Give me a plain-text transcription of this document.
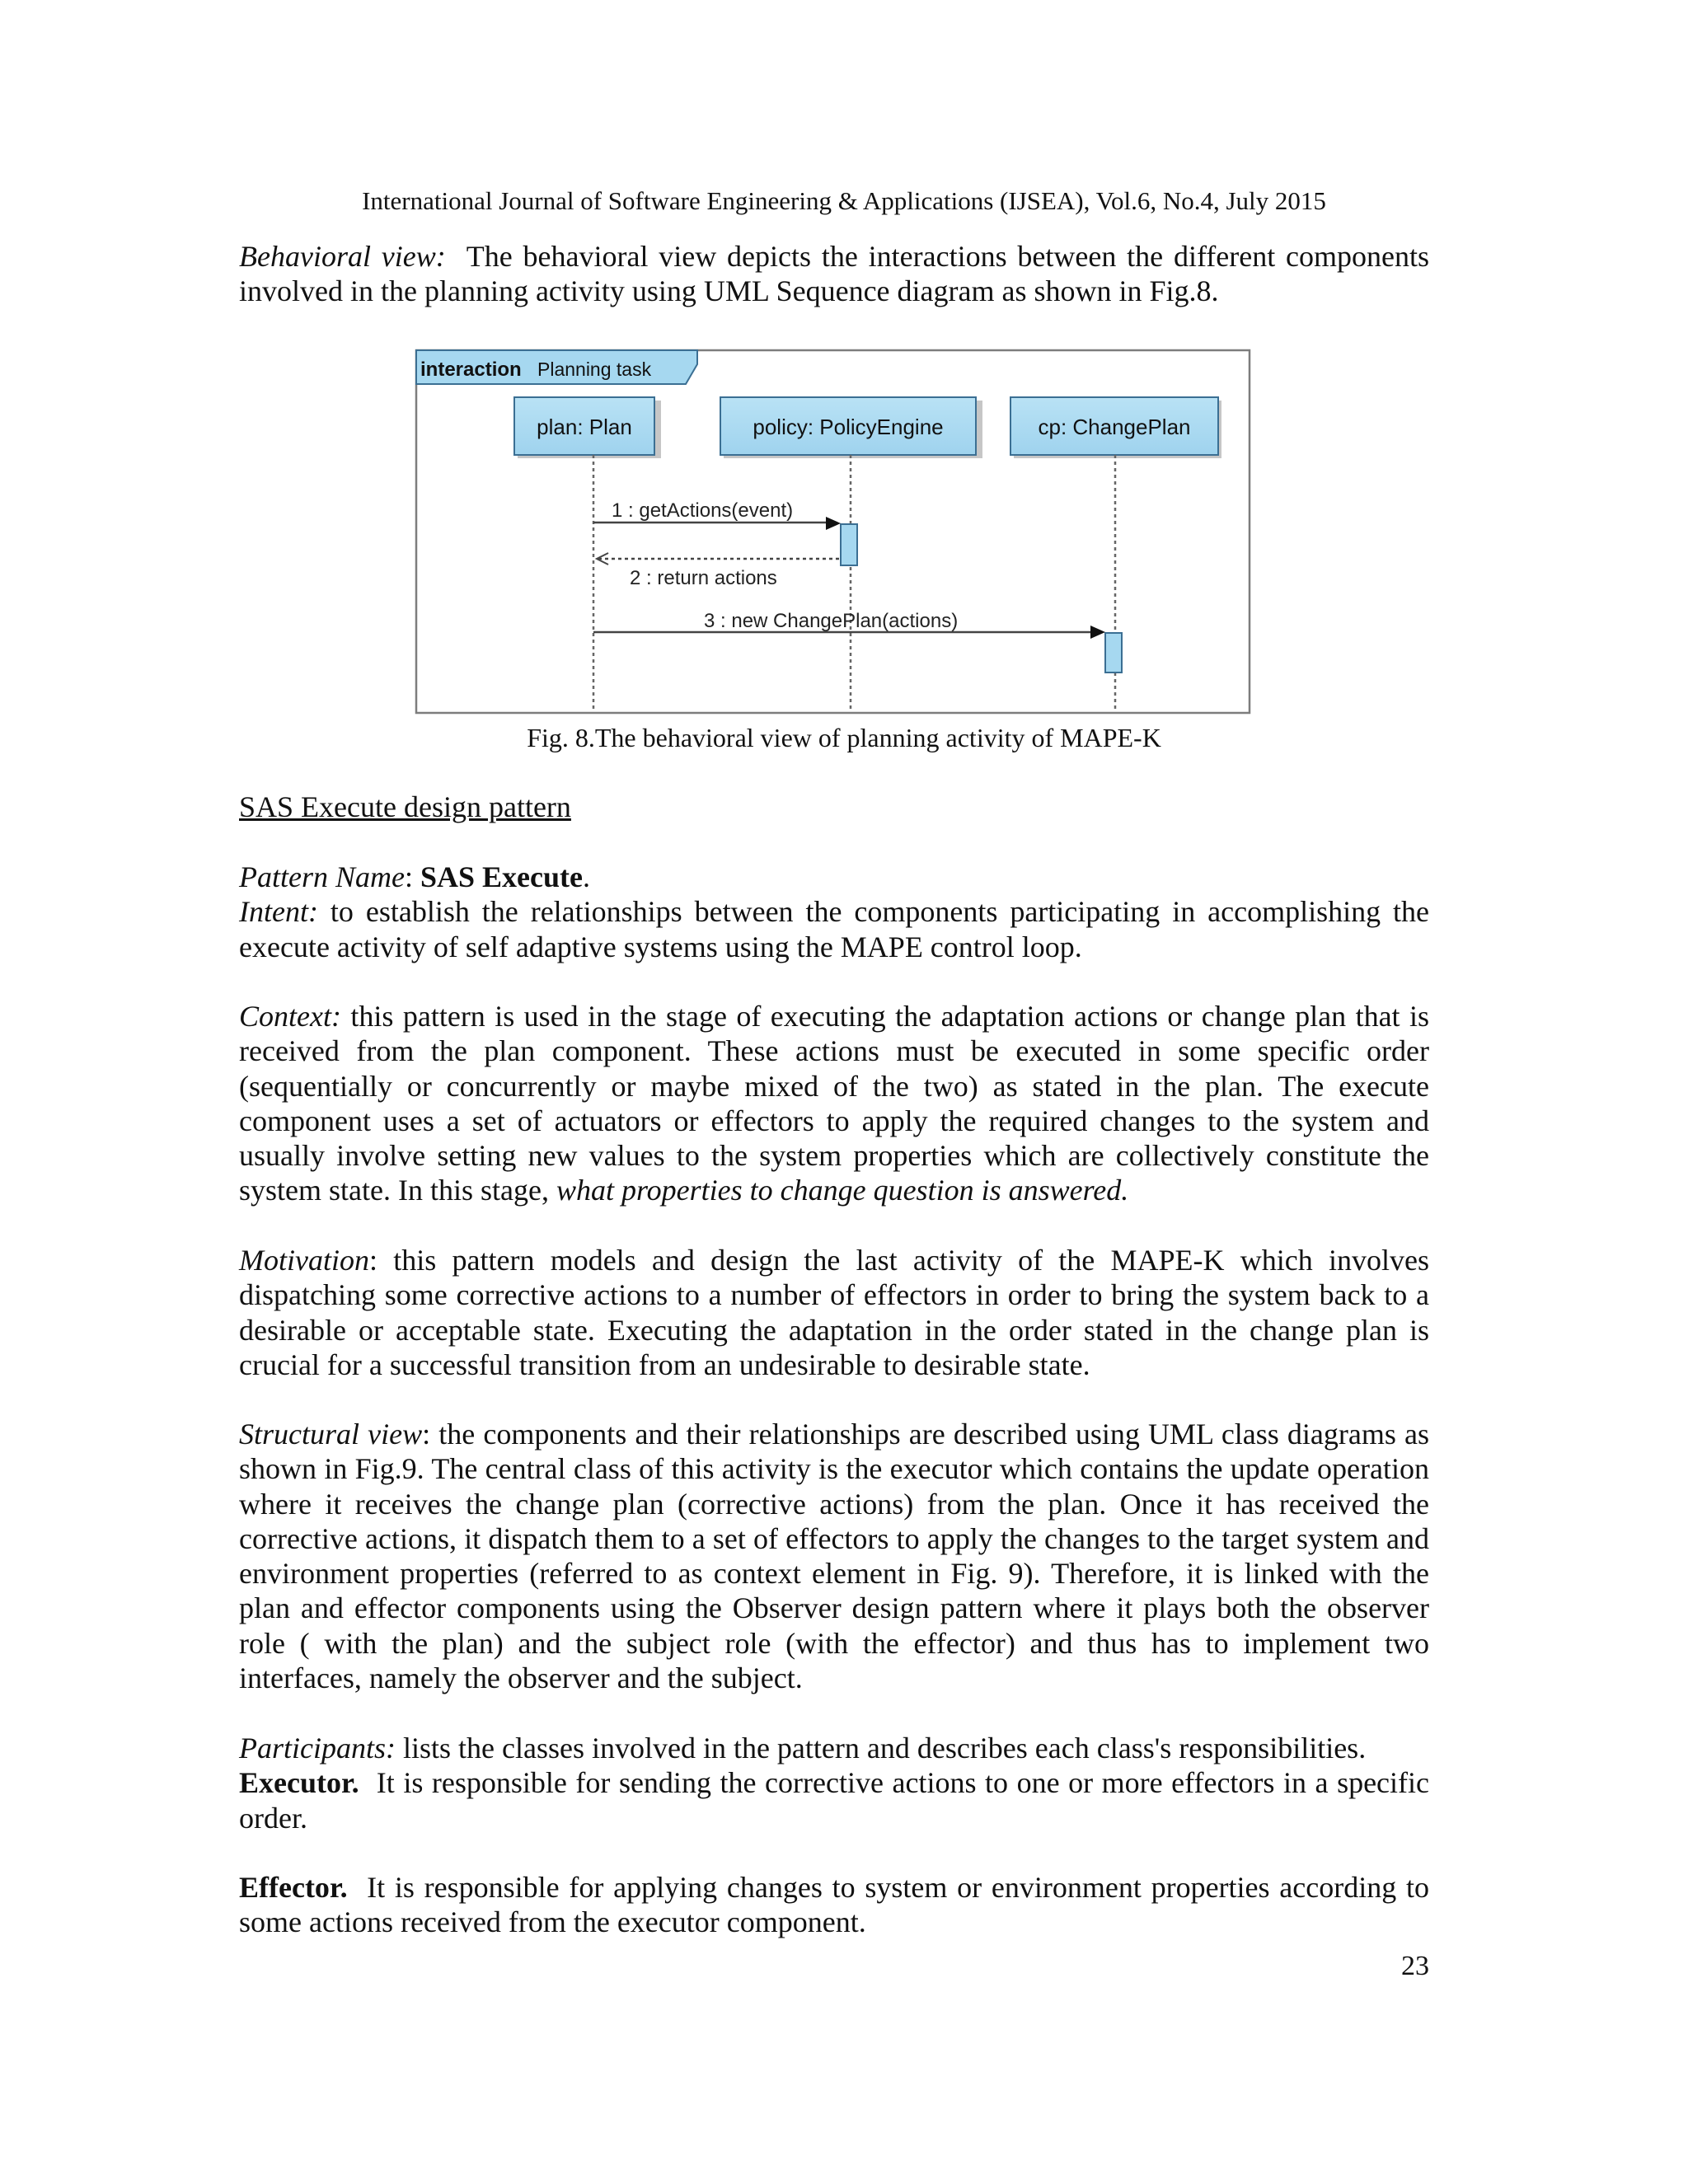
International Journal of Software Engineering & Applications (IJSEA), Vol.6, No.4, July 2015

Behavioral view: The behavioral view depicts the interactions between the different components involved in the planning activity using UML Sequence diagram as shown in Fig.8.

interaction Planning task
plan: Plan	policy: PolicyEngine	cp: ChangePlan
1 : getActions(event)
2 : return actions
3 : new ChangePlan(actions)
Fig. 8.The behavioral view of planning activity of MAPE-K

SAS Execute design pattern

Pattern Name: SAS Execute.

Intent: to establish the relationships between the components participating in accomplishing the execute activity of self adaptive systems using the MAPE control loop.

Context: this pattern is used in the stage of executing the adaptation actions or change plan that is received from the plan component. These actions must be executed in some specific order (sequentially or concurrently or maybe mixed of the two) as stated in the plan. The execute component uses a set of actuators or effectors to apply the required changes to the system and usually involve setting new values to the system properties which are collectively constitute the system state. In this stage, what properties to change question is answered.

Motivation: this pattern models and design the last activity of the MAPE-K which involves dispatching some corrective actions to a number of effectors in order to bring the system back to a desirable or acceptable state. Executing the adaptation in the order stated in the change plan is crucial for a successful transition from an undesirable to desirable state.

Structural view: the components and their relationships are described using UML class diagrams as shown in Fig.9. The central class of this activity is the executor which contains the update operation where it receives the change plan (corrective actions) from the plan. Once it has received the corrective actions, it dispatch them to a set of effectors to apply the changes to the target system and environment properties (referred to as context element in Fig. 9). Therefore, it is linked with the plan and effector components using the Observer design pattern where it plays both the observer role ( with the plan) and the subject role (with the effector) and thus has to implement two interfaces, namely the observer and the subject.

Participants: lists the classes involved in the pattern and describes each class's responsibilities.

Executor. It is responsible for sending the corrective actions to one or more effectors in a specific order.

Effector. It is responsible for applying changes to system or environment properties according to some actions received from the executor component.

23
